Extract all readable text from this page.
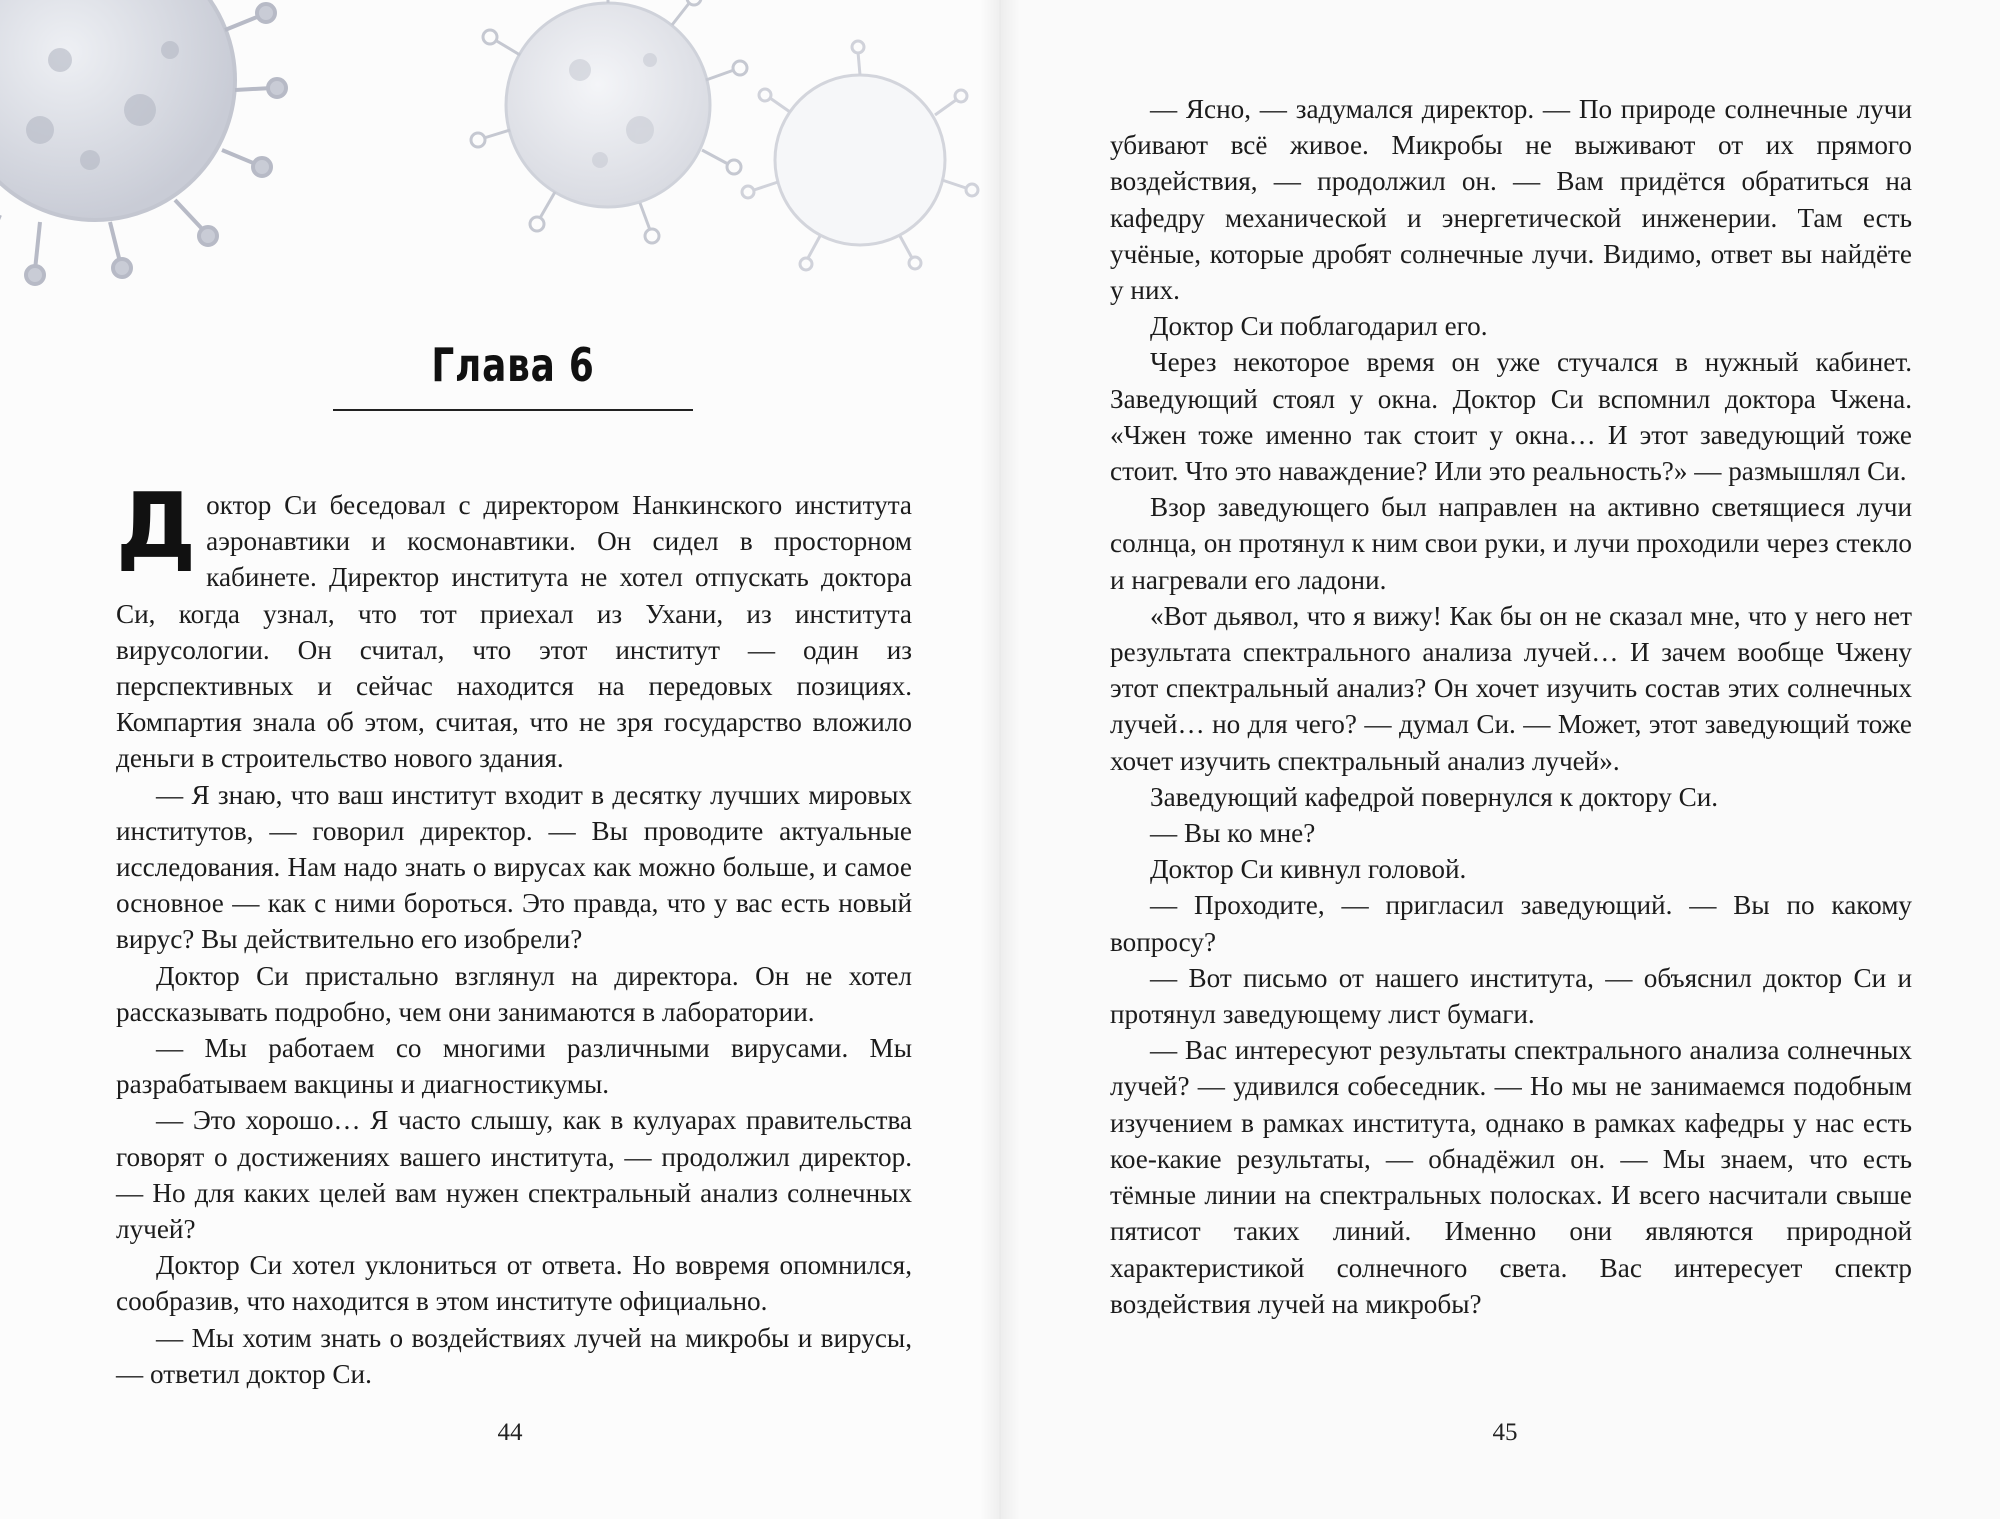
Глава 6

Доктор Си беседовал с директором Нанкинского института аэронавтики и космонавтики. Он сидел в просторном кабинете. Директор института не хотел отпускать доктора Си, когда узнал, что тот приехал из Ухани, из института вирусологии. Он считал, что этот институт — один из перспективных и сейчас находится на передовых позициях. Компартия знала об этом, считая, что не зря государство вложило деньги в строительство нового здания.

— Я знаю, что ваш институт входит в десятку лучших мировых институтов, — говорил директор. — Вы проводите актуальные исследования. Нам надо знать о вирусах как можно больше, и самое основное — как с ними бороться. Это правда, что у вас есть новый вирус? Вы действительно его изобрели?

Доктор Си пристально взглянул на директора. Он не хотел рассказывать подробно, чем они занимаются в лаборатории.

— Мы работаем со многими различными вирусами. Мы разрабатываем вакцины и диагностикумы.

— Это хорошо… Я часто слышу, как в кулуарах правительства говорят о достижениях вашего института, — продолжил директор. — Но для каких целей вам нужен спектральный анализ солнечных лучей?

Доктор Си хотел уклониться от ответа. Но вовремя опомнился, сообразив, что находится в этом институте официально.

— Мы хотим знать о воздействиях лучей на микробы и вирусы, — ответил доктор Си.

44

— Ясно, — задумался директор. — По природе солнечные лучи убивают всё живое. Микробы не выживают от их прямого воздействия, — продолжил он. — Вам придётся обратиться на кафедру механической и энергетической инженерии. Там есть учёные, которые дробят солнечные лучи. Видимо, ответ вы найдёте у них.

Доктор Си поблагодарил его.

Через некоторое время он уже стучался в нужный кабинет. Заведующий стоял у окна. Доктор Си вспомнил доктора Чжена. «Чжен тоже именно так стоит у окна… И этот заведующий тоже стоит. Что это наваждение? Или это реальность?» — размышлял Си.

Взор заведующего был направлен на активно светящиеся лучи солнца, он протянул к ним свои руки, и лучи проходили через стекло и нагревали его ладони.

«Вот дьявол, что я вижу! Как бы он не сказал мне, что у него нет результата спектрального анализа лучей… И зачем вообще Чжену этот спектральный анализ? Он хочет изучить состав этих солнечных лучей… но для чего? — думал Си. — Может, этот заведующий тоже хочет изучить спектральный анализ лучей».

Заведующий кафедрой повернулся к доктору Си.

— Вы ко мне?

Доктор Си кивнул головой.

— Проходите, — пригласил заведующий. — Вы по какому вопросу?

— Вот письмо от нашего института, — объяснил доктор Си и протянул заведующему лист бумаги.

— Вас интересуют результаты спектрального анализа солнечных лучей? — удивился собеседник. — Но мы не занимаемся подобным изучением в рамках института, однако в рамках кафедры у нас есть кое-какие результаты, — обнадёжил он. — Мы знаем, что есть тёмные линии на спектральных полосках. И всего насчитали свыше пятисот таких линий. Именно они являются природной характеристикой солнечного света. Вас интересует спектр воздействия лучей на микробы?

45
